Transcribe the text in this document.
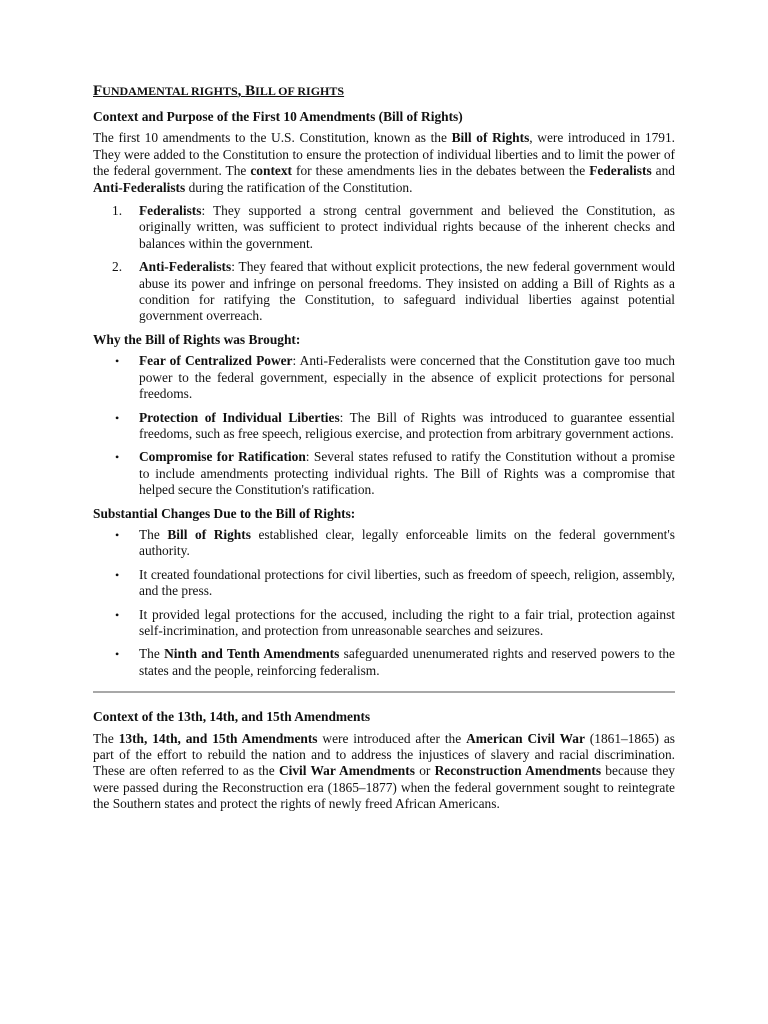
FUNDAMENTAL RIGHTS, BILL OF RIGHTS
Context and Purpose of the First 10 Amendments (Bill of Rights)

The first 10 amendments to the U.S. Constitution, known as the Bill of Rights, were introduced in 1791. They were added to the Constitution to ensure the protection of individual liberties and to limit the power of the federal government. The context for these amendments lies in the debates between the Federalists and Anti-Federalists during the ratification of the Constitution.

1. Federalists: They supported a strong central government and believed the Constitution, as originally written, was sufficient to protect individual rights because of the inherent checks and balances within the government.
2. Anti-Federalists: They feared that without explicit protections, the new federal government would abuse its power and infringe on personal freedoms. They insisted on adding a Bill of Rights as a condition for ratifying the Constitution, to safeguard individual liberties against potential government overreach.
Why the Bill of Rights was Brought:
• Fear of Centralized Power: Anti-Federalists were concerned that the Constitution gave too much power to the federal government, especially in the absence of explicit protections for personal freedoms.
• Protection of Individual Liberties: The Bill of Rights was introduced to guarantee essential freedoms, such as free speech, religious exercise, and protection from arbitrary government actions.
• Compromise for Ratification: Several states refused to ratify the Constitution without a promise to include amendments protecting individual rights. The Bill of Rights was a compromise that helped secure the Constitution's ratification.
Substantial Changes Due to the Bill of Rights:
• The Bill of Rights established clear, legally enforceable limits on the federal government's authority.
• It created foundational protections for civil liberties, such as freedom of speech, religion, assembly, and the press.
• It provided legal protections for the accused, including the right to a fair trial, protection against self-incrimination, and protection from unreasonable searches and seizures.
• The Ninth and Tenth Amendments safeguarded unenumerated rights and reserved powers to the states and the people, reinforcing federalism.
Context of the 13th, 14th, and 15th Amendments

The 13th, 14th, and 15th Amendments were introduced after the American Civil War (1861–1865) as part of the effort to rebuild the nation and to address the injustices of slavery and racial discrimination. These are often referred to as the Civil War Amendments or Reconstruction Amendments because they were passed during the Reconstruction era (1865–1877) when the federal government sought to reintegrate the Southern states and protect the rights of newly freed African Americans.
